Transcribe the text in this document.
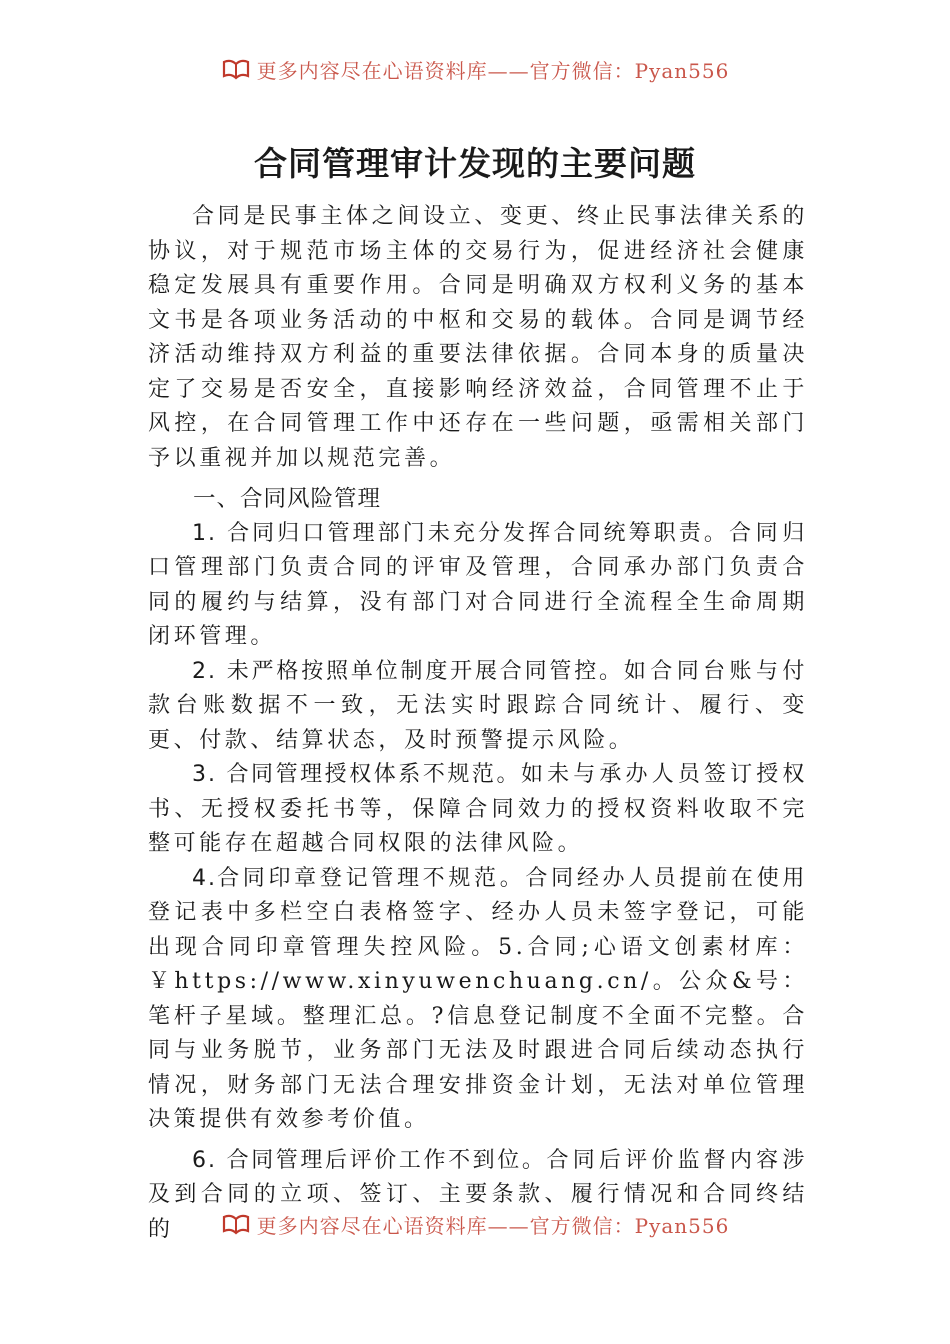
更多内容尽在心语资料库——官方微信：Pyan556
合同管理审计发现的主要问题

合同是民事主体之间设立、变更、终止民事法律关系的协议，对于规范市场主体的交易行为，促进经济社会健康稳定发展具有重要作用。合同是明确双方权利义务的基本文书是各项业务活动的中枢和交易的载体。合同是调节经济活动维持双方利益的重要法律依据。合同本身的质量决定了交易是否安全，直接影响经济效益，合同管理不止于风控，在合同管理工作中还存在一些问题，亟需相关部门予以重视并加以规范完善。

一、合同风险管理

1. 合同归口管理部门未充分发挥合同统筹职责。合同归口管理部门负责合同的评审及管理，合同承办部门负责合同的履约与结算，没有部门对合同进行全流程全生命周期闭环管理。

2. 未严格按照单位制度开展合同管控。如合同台账与付款台账数据不一致，无法实时跟踪合同统计、履行、变更、付款、结算状态，及时预警提示风险。

3. 合同管理授权体系不规范。如未与承办人员签订授权书、无授权委托书等，保障合同效力的授权资料收取不完整可能存在超越合同权限的法律风险。

4.合同印章登记管理不规范。合同经办人员提前在使用登记表中多栏空白表格签字、经办人员未签字登记，可能出现合同印章管理失控风险。5.合同;心语文创素材库：￥https://www.xinyuwenchuang.cn/。公众&号：笔杆子星域。整理汇总。?信息登记制度不全面不完整。合同与业务脱节，业务部门无法及时跟进合同后续动态执行情况，财务部门无法合理安排资金计划，无法对单位管理决策提供有效参考价值。

6. 合同管理后评价工作不到位。合同后评价监督内容涉及到合同的立项、签订、主要条款、履行情况和合同终结的	更多内容尽在心语资料库——官方微信：Pyan556
